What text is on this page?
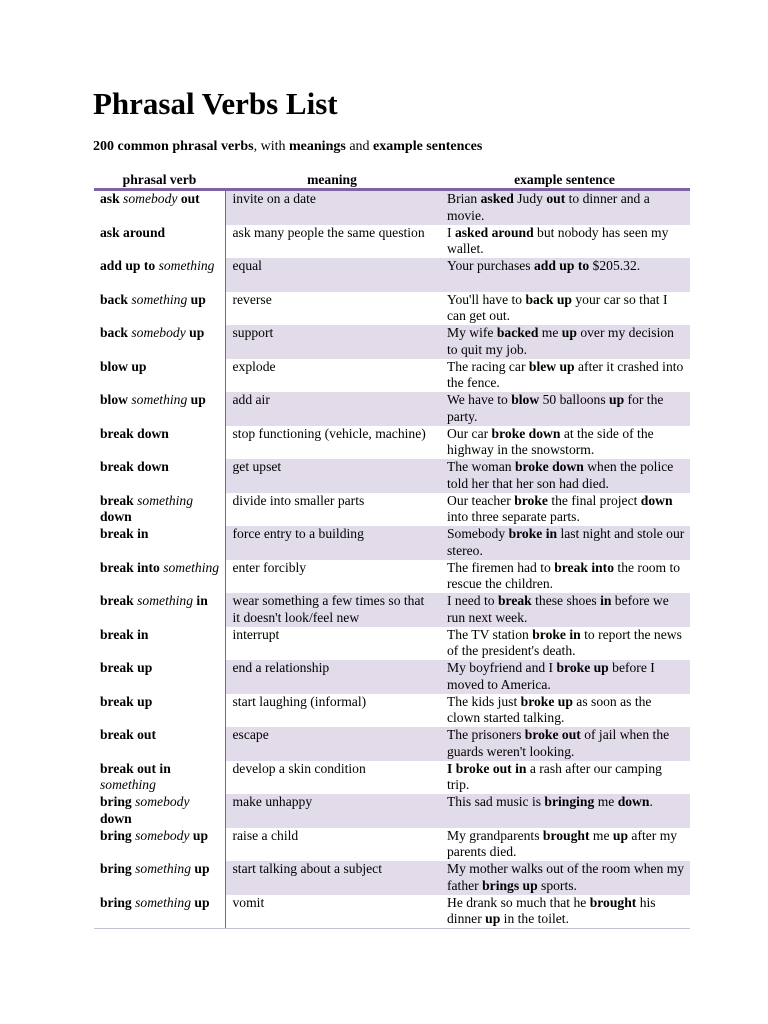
Phrasal Verbs List
200 common phrasal verbs, with meanings and example sentences
phrasal verb	meaning	example sentence
ask somebody out	invite on a date	Brian asked Judy out to dinner and a movie.
ask around	ask many people the same question	I asked around but nobody has seen my wallet.
add up to something	equal	Your purchases add up to $205.32.
back something up	reverse	You'll have to back up your car so that I can get out.
back somebody up	support	My wife backed me up over my decision to quit my job.
blow up	explode	The racing car blew up after it crashed into the fence.
blow something up	add air	We have to blow 50 balloons up for the party.
break down	stop functioning (vehicle, machine)	Our car broke down at the side of the highway in the snowstorm.
break down	get upset	The woman broke down when the police told her that her son had died.
break something down	divide into smaller parts	Our teacher broke the final project down into three separate parts.
break in	force entry to a building	Somebody broke in last night and stole our stereo.
break into something	enter forcibly	The firemen had to break into the room to rescue the children.
break something in	wear something a few times so that it doesn't look/feel new	I need to break these shoes in before we run next week.
break in	interrupt	The TV station broke in to report the news of the president's death.
break up	end a relationship	My boyfriend and I broke up before I moved to America.
break up	start laughing (informal)	The kids just broke up as soon as the clown started talking.
break out	escape	The prisoners broke out of jail when the guards weren't looking.
break out in something	develop a skin condition	I broke out in a rash after our camping trip.
bring somebody down	make unhappy	This sad music is bringing me down.
bring somebody up	raise a child	My grandparents brought me up after my parents died.
bring something up	start talking about a subject	My mother walks out of the room when my father brings up sports.
bring something up	vomit	He drank so much that he brought his dinner up in the toilet.
